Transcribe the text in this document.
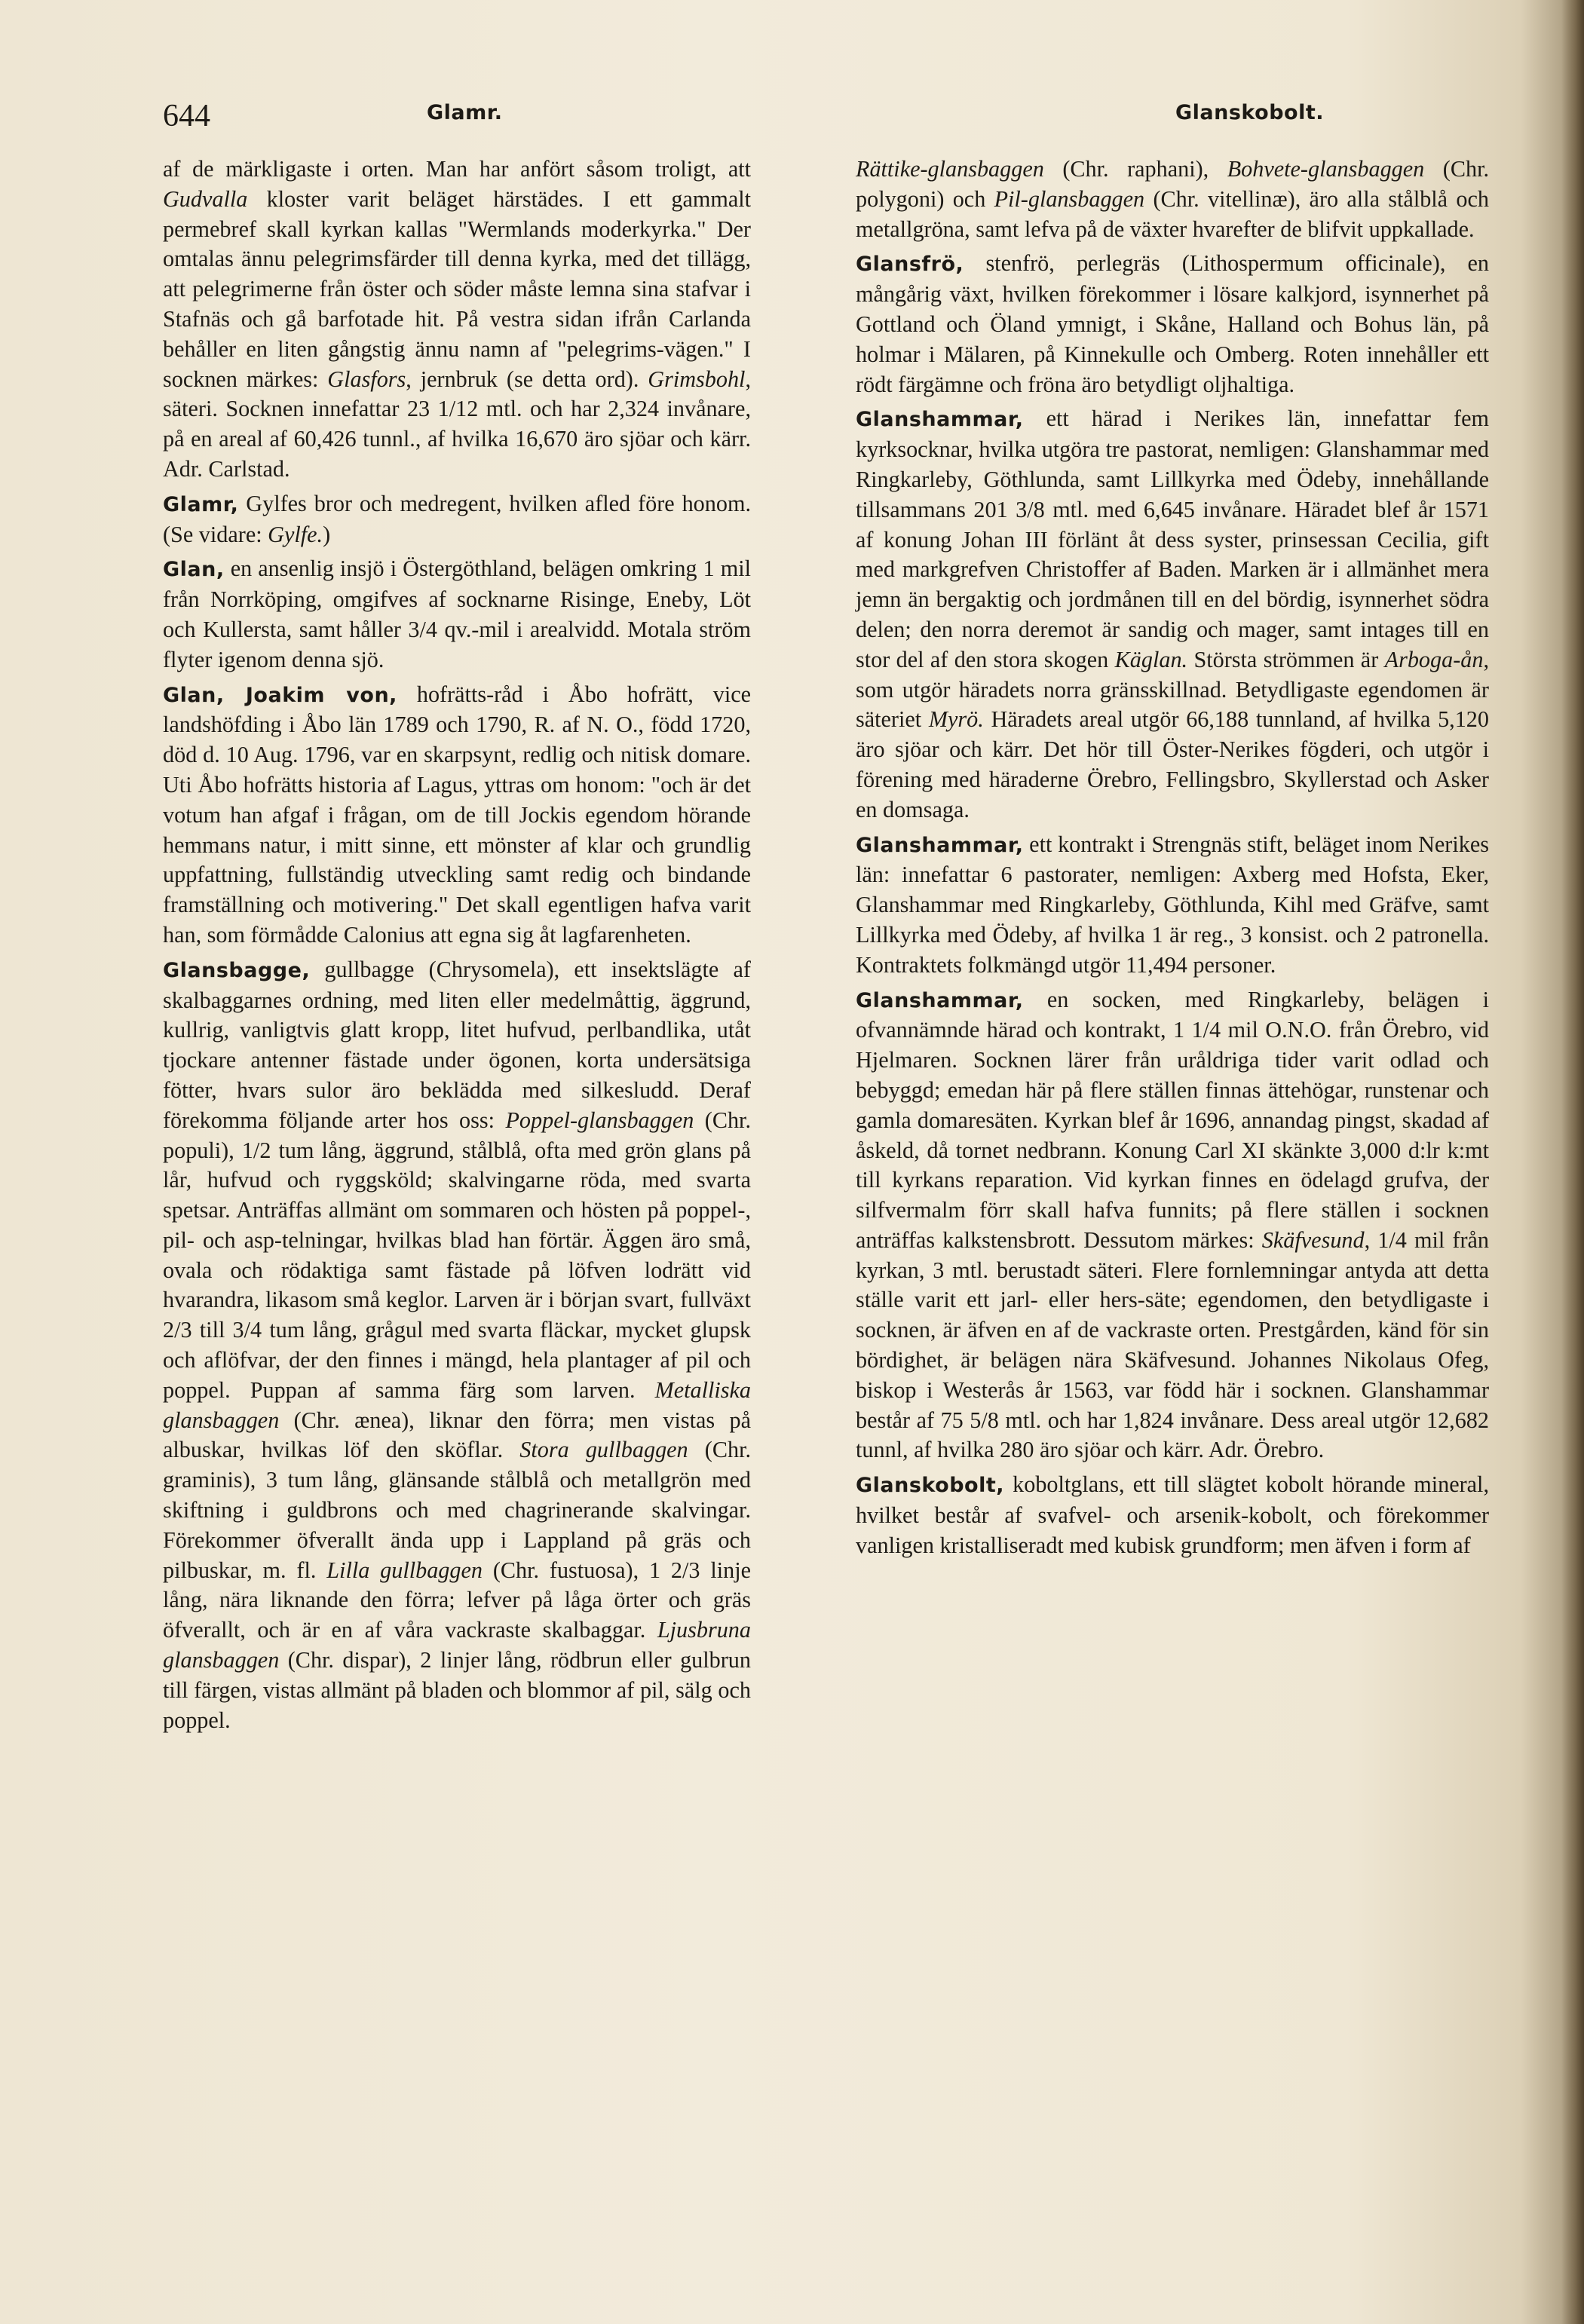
644	Glamr.	Glanskobolt.

af de märkligaste i orten. Man har anfört såsom troligt, att Gudvalla kloster varit beläget härstädes. I ett gammalt permebref skall kyrkan kallas "Wermlands moderkyrka." Der omtalas ännu pelegrimsfärder till denna kyrka, med det tillägg, att pelegrimerne från öster och söder måste lemna sina stafvar i Stafnäs och gå barfotade hit. På vestra sidan ifrån Carlanda behåller en liten gångstig ännu namn af "pelegrims-vägen." I socknen märkes: Glasfors, jernbruk (se detta ord). Grimsbohl, säteri. Socknen innefattar 23 1/12 mtl. och har 2,324 invånare, på en areal af 60,426 tunnl., af hvilka 16,670 äro sjöar och kärr. Adr. Carlstad.

Glamr, Gylfes bror och medregent, hvilken afled före honom. (Se vidare: Gylfe.)

Glan, en ansenlig insjö i Östergöthland, belägen omkring 1 mil från Norrköping, omgifves af socknarne Risinge, Eneby, Löt och Kullersta, samt håller 3/4 qv.-mil i arealvidd. Motala ström flyter igenom denna sjö.

Glan, Joakim von, hofrätts-råd i Åbo hofrätt, vice landshöfding i Åbo län 1789 och 1790, R. af N. O., född 1720, död d. 10 Aug. 1796, var en skarpsynt, redlig och nitisk domare. Uti Åbo hofrätts historia af Lagus, yttras om honom: "och är det votum han afgaf i frågan, om de till Jockis egendom hörande hemmans natur, i mitt sinne, ett mönster af klar och grundlig uppfattning, fullständig utveckling samt redig och bindande framställning och motivering." Det skall egentligen hafva varit han, som förmådde Calonius att egna sig åt lagfarenheten.

Glansbagge, gullbagge (Chrysomela), ett insektslägte af skalbaggarnes ordning, med liten eller medelmåttig, äggrund, kullrig, vanligtvis glatt kropp, litet hufvud, perlbandlika, utåt tjockare antenner fästade under ögonen, korta undersätsiga fötter, hvars sulor äro beklädda med silkesludd. Deraf förekomma följande arter hos oss: Poppel-glansbaggen (Chr. populi), 1/2 tum lång, äggrund, stålblå, ofta med grön glans på lår, hufvud och ryggsköld; skalvingarne röda, med svarta spetsar. Anträffas allmänt om sommaren och hösten på poppel-, pil- och asp-telningar, hvilkas blad han förtär. Äggen äro små, ovala och rödaktiga samt fästade på löfven lodrätt vid hvarandra, likasom små keglor. Larven är i början svart, fullväxt 2/3 till 3/4 tum lång, grågul med svarta fläckar, mycket glupsk och aflöfvar, der den finnes i mängd, hela plantager af pil och poppel. Puppan af samma färg som larven. Metalliska glansbaggen (Chr. ænea), liknar den förra; men vistas på albuskar, hvilkas löf den sköflar. Stora gullbaggen (Chr. graminis), 3 tum lång, glänsande stålblå och metallgrön med skiftning i guldbrons och med chagrinerande skalvingar. Förekommer öfverallt ända upp i Lappland på gräs och pilbuskar, m. fl. Lilla gullbaggen (Chr. fustuosa), 1 2/3 linje lång, nära liknande den förra; lefver på låga örter och gräs öfverallt, och är en af våra vackraste skalbaggar. Ljusbruna glansbaggen (Chr. dispar), 2 linjer lång, rödbrun eller gulbrun till färgen, vistas allmänt på bladen och blommor af pil, sälg och poppel.

Rättike-glansbaggen (Chr. raphani), Bohvete-glansbaggen (Chr. polygoni) och Pil-glansbaggen (Chr. vitellinæ), äro alla stålblå och metallgröna, samt lefva på de växter hvarefter de blifvit uppkallade.

Glansfrö, stenfrö, perlegräs (Lithospermum officinale), en mångårig växt, hvilken förekommer i lösare kalkjord, isynnerhet på Gottland och Öland ymnigt, i Skåne, Halland och Bohus län, på holmar i Mälaren, på Kinnekulle och Omberg. Roten innehåller ett rödt färgämne och fröna äro betydligt oljhaltiga.

Glanshammar, ett härad i Nerikes län, innefattar fem kyrksocknar, hvilka utgöra tre pastorat, nemligen: Glanshammar med Ringkarleby, Göthlunda, samt Lillkyrka med Ödeby, innehållande tillsammans 201 3/8 mtl. med 6,645 invånare. Häradet blef år 1571 af konung Johan III förlänt åt dess syster, prinsessan Cecilia, gift med markgrefven Christoffer af Baden. Marken är i allmänhet mera jemn än bergaktig och jordmånen till en del bördig, isynnerhet södra delen; den norra deremot är sandig och mager, samt intages till en stor del af den stora skogen Käglan. Största strömmen är Arboga-ån, som utgör häradets norra gränsskillnad. Betydligaste egendomen är säteriet Myrö. Häradets areal utgör 66,188 tunnland, af hvilka 5,120 äro sjöar och kärr. Det hör till Öster-Nerikes fögderi, och utgör i förening med häraderne Örebro, Fellingsbro, Skyllerstad och Asker en domsaga.

Glanshammar, ett kontrakt i Strengnäs stift, beläget inom Nerikes län: innefattar 6 pastorater, nemligen: Axberg med Hofsta, Eker, Glanshammar med Ringkarleby, Göthlunda, Kihl med Gräfve, samt Lillkyrka med Ödeby, af hvilka 1 är reg., 3 konsist. och 2 patronella. Kontraktets folkmängd utgör 11,494 personer.

Glanshammar, en socken, med Ringkarleby, belägen i ofvannämnde härad och kontrakt, 1 1/4 mil O.N.O. från Örebro, vid Hjelmaren. Socknen lärer från uråldriga tider varit odlad och bebyggd; emedan här på flere ställen finnas ättehögar, runstenar och gamla domaresäten. Kyrkan blef år 1696, annandag pingst, skadad af åskeld, då tornet nedbrann. Konung Carl XI skänkte 3,000 d:lr k:mt till kyrkans reparation. Vid kyrkan finnes en ödelagd grufva, der silfvermalm förr skall hafva funnits; på flere ställen i socknen anträffas kalkstensbrott. Dessutom märkes: Skäfvesund, 1/4 mil från kyrkan, 3 mtl. berustadt säteri. Flere fornlemningar antyda att detta ställe varit ett jarl- eller hers-säte; egendomen, den betydligaste i socknen, är äfven en af de vackraste orten. Prestgården, känd för sin bördighet, är belägen nära Skäfvesund. Johannes Nikolaus Ofeg, biskop i Westerås år 1563, var född här i socknen. Glanshammar består af 75 5/8 mtl. och har 1,824 invånare. Dess areal utgör 12,682 tunnl, af hvilka 280 äro sjöar och kärr. Adr. Örebro.

Glanskobolt, koboltglans, ett till slägtet kobolt hörande mineral, hvilket består af svafvel- och arsenik-kobolt, och förekommer vanligen kristalliseradt med kubisk grundform; men äfven i form af
